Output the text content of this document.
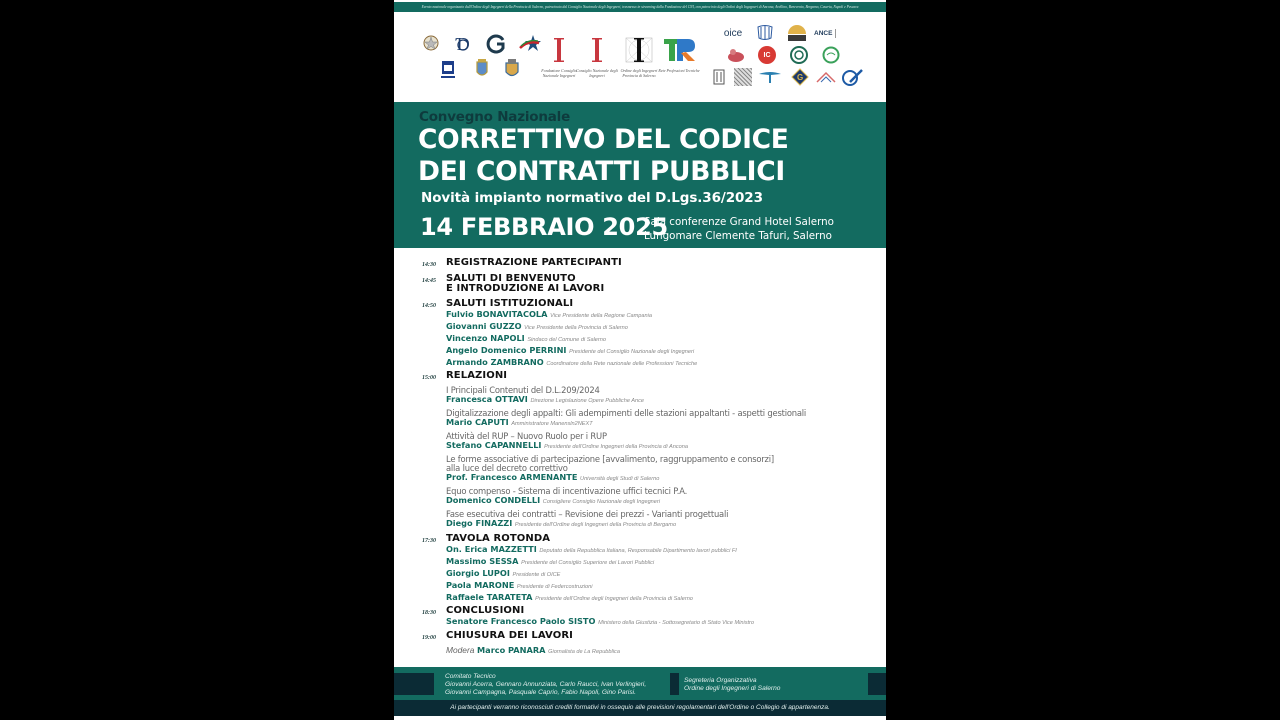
Evento nazionale organizzato dall'Ordine degli Ingegneri della Provincia di Salerno, patrocinato dal Consiglio Nazionale degli Ingegneri, trasmesso in streaming dalla Fondazione del CNI, con patrocinio degli Ordini degli Ingegneri di Ancona, Avellino, Benevento, Bergamo, Caserta, Napoli e Pescara
Ɗ
Fondazione Consiglio Nazionale Ingegneri
Consiglio Nazionale degli Ingegneri
Ordine degli Ingegneri Provincia di Salerno
Rete Professioni Tecniche
oice	ANCE
IC
G
Convegno Nazionale
CORRETTIVO DEL CODICE
DEI CONTRATTI PUBBLICI
Novità impianto normativo del D.Lgs.36/2023
14 FEBBRAIO 2025
Sala conferenze Grand Hotel Salerno
Lungomare Clemente Tafuri, Salerno
14:30 REGISTRAZIONE PARTECIPANTI
14:45 SALUTI DI BENVENUTO
E INTRODUZIONE AI LAVORI
14:50 SALUTI ISTITUZIONALI
Fulvio BONAVITACOLA Vice Presidente della Regione Campania
Giovanni GUZZO Vice Presidente della Provincia di Salerno
Vincenzo NAPOLI Sindaco del Comune di Salerno
Angelo Domenico PERRINI Presidente del Consiglio Nazionale degli Ingegneri
Armando ZAMBRANO Coordinatore della Rete nazionale delle Professioni Tecniche
15:00 RELAZIONI
I Principali Contenuti del D.L.209/2024
Francesca OTTAVI Direzione Legislazione Opere Pubbliche Ance
Digitalizzazione degli appalti: Gli adempimenti delle stazioni appaltanti - aspetti gestionali
Mario CAPUTI Amministratore Manensln2NEXT
Attività del RUP – Nuovo Ruolo per i RUP
Stefano CAPANNELLI Presidente dell'Ordine Ingegneri della Provincia di Ancona
Le forme associative di partecipazione [avvalimento, raggruppamento e consorzi]
alla luce del decreto correttivo
Prof. Francesco ARMENANTE Università degli Studi di Salerno
Equo compenso - Sistema di incentivazione uffici tecnici P.A.
Domenico CONDELLI Consigliere Consiglio Nazionale degli Ingegneri
Fase esecutiva dei contratti – Revisione dei prezzi - Varianti progettuali
Diego FINAZZI Presidente dell'Ordine degli Ingegneri della Provincia di Bergamo
17:30 TAVOLA ROTONDA
On. Erica MAZZETTI Deputato della Repubblica Italiana, Responsabile Dipartimento lavori pubblici FI
Massimo SESSA Presidente del Consiglio Superiore dei Lavori Pubblici
Giorgio LUPOI Presidente di OICE
Paola MARONE Presidente di Federcostruzioni
Raffaele TARATETA Presidente dell'Ordine degli Ingegneri della Provincia di Salerno
18:30 CONCLUSIONI
Senatore Francesco Paolo SISTO Ministero della Giustizia - Sottosegretario di Stato Vice Ministro
19:00 CHIUSURA DEI LAVORI
Modera Marco PANARA Giornalista de La Repubblica
Comitato Tecnico
Giovanni Acerra, Gennaro Annunziata, Carlo Raucci, Ivan Verlingieri,
Giovanni Campagna, Pasquale Caprio, Fabio Napoli, Gino Parisi.
Segreteria Organizzativa
Ordine degli Ingegneri di Salerno
Ai partecipanti verranno riconosciuti crediti formativi in ossequio alle previsioni regolamentari dell'Ordine o Collegio di appartenenza.
